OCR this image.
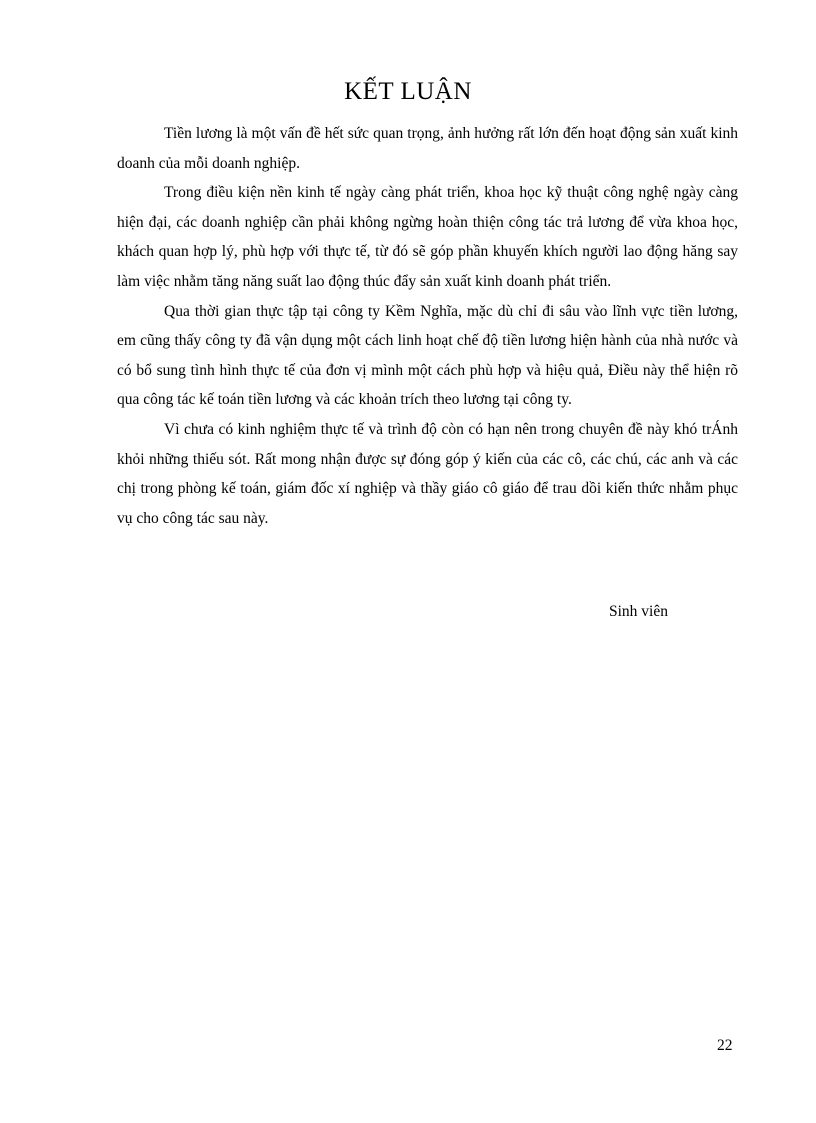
KẾT LUẬN

Tiền lương là một vấn đề hết sức quan trọng, ảnh hưởng rất lớn đến hoạt động sản xuất kinh doanh của mỗi doanh nghiệp.

Trong điều kiện nền kinh tế ngày càng phát triển, khoa học kỹ thuật công nghệ ngày càng hiện đại, các doanh nghiệp cần phải không ngừng hoàn thiện công tác trả lương để vừa khoa học, khách quan hợp lý, phù hợp với thực tế, từ đó sẽ góp phần khuyến khích người lao động hăng say làm việc nhằm tăng năng suất lao động thúc đẩy sản xuất kinh doanh phát triển.

Qua thời gian thực tập tại công ty Kềm Nghĩa, mặc dù chỉ đi sâu vào lĩnh vực tiền lương, em cũng thấy công ty đã vận dụng một cách linh hoạt chế độ tiền lương hiện hành của nhà nước và có bổ sung tình hình thực tế của đơn vị mình một cách phù hợp và hiệu quả, Điều này thể hiện rõ qua công tác kế toán tiền lương và các khoản trích theo lương tại công ty.

Vì chưa có kinh nghiệm thực tế và trình độ còn có hạn nên trong chuyên đề này khó trÁnh khỏi những thiếu sót. Rất mong nhận được sự đóng góp ý kiến của các cô, các chú, các anh và các chị trong phòng kế toán, giám đốc xí nghiệp và thầy giáo cô giáo để trau dồi kiến thức nhằm phục vụ cho công tác sau này.

Sinh viên
22
